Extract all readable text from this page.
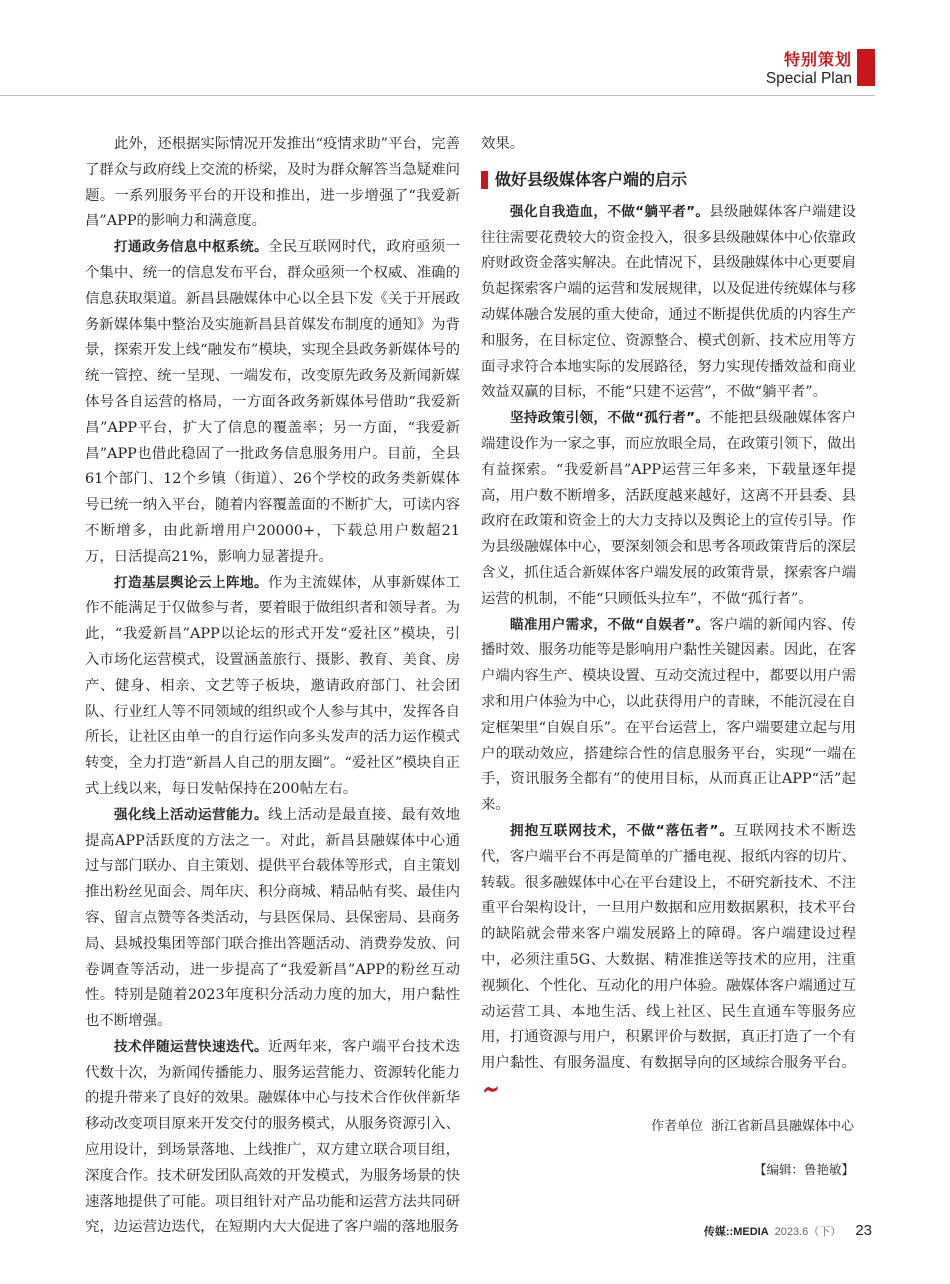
特别策划
Special Plan

此外，还根据实际情况开发推出“疫情求助”平台，完善了群众与政府线上交流的桥梁，及时为群众解答当急疑难问题。一系列服务平台的开设和推出，进一步增强了“我爱新昌”APP的影响力和满意度。

打通政务信息中枢系统。全民互联网时代，政府亟须一个集中、统一的信息发布平台，群众亟须一个权威、准确的信息获取渠道。新昌县融媒体中心以全县下发《关于开展政务新媒体集中整治及实施新昌县首媒发布制度的通知》为背景，探索开发上线“融发布”模块，实现全县政务新媒体号的统一管控、统一呈现、一端发布，改变原先政务及新闻新媒体号各自运营的格局，一方面各政务新媒体号借助“我爱新昌”APP平台，扩大了信息的覆盖率；另一方面，“我爱新昌”APP也借此稳固了一批政务信息服务用户。目前，全县61个部门、12个乡镇（街道）、26个学校的政务类新媒体号已统一纳入平台，随着内容覆盖面的不断扩大，可读内容不断增多，由此新增用户20000+，下载总用户数超21万，日活提高21%，影响力显著提升。

打造基层舆论云上阵地。作为主流媒体，从事新媒体工作不能满足于仅做参与者，要着眼于做组织者和领导者。为此，“我爱新昌”APP以论坛的形式开发“爱社区”模块，引入市场化运营模式，设置涵盖旅行、摄影、教育、美食、房产、健身、相亲、文艺等子板块，邀请政府部门、社会团队、行业红人等不同领域的组织或个人参与其中，发挥各自所长，让社区由单一的自行运作向多头发声的活力运作模式转变，全力打造“新昌人自己的朋友圈”。“爱社区”模块自正式上线以来，每日发帖保持在200帖左右。

强化线上活动运营能力。线上活动是最直接、最有效地提高APP活跃度的方法之一。对此，新昌县融媒体中心通过与部门联办、自主策划、提供平台载体等形式，自主策划推出粉丝见面会、周年庆、积分商城、精品帖有奖、最佳内容、留言点赞等各类活动，与县医保局、县保密局、县商务局、县城投集团等部门联合推出答题活动、消费券发放、问卷调查等活动，进一步提高了“我爱新昌”APP的粉丝互动性。特别是随着2023年度积分活动力度的加大，用户黏性也不断增强。

技术伴随运营快速迭代。近两年来，客户端平台技术迭代数十次，为新闻传播能力、服务运营能力、资源转化能力的提升带来了良好的效果。融媒体中心与技术合作伙伴新华移动改变项目原来开发交付的服务模式，从服务资源引入、应用设计，到场景落地、上线推广，双方建立联合项目组，深度合作。技术研发团队高效的开发模式，为服务场景的快速落地提供了可能。项目组针对产品功能和运营方法共同研究，边运营边迭代，在短期内大大促进了客户端的落地服务

效果。

做好县级媒体客户端的启示

强化自我造血，不做“躺平者”。县级融媒体客户端建设往往需要花费较大的资金投入，很多县级融媒体中心依靠政府财政资金落实解决。在此情况下，县级融媒体中心更要肩负起探索客户端的运营和发展规律，以及促进传统媒体与移动媒体融合发展的重大使命，通过不断提供优质的内容生产和服务，在目标定位、资源整合、模式创新、技术应用等方面寻求符合本地实际的发展路径，努力实现传播效益和商业效益双赢的目标，不能“只建不运营”，不做“躺平者”。

坚持政策引领，不做“孤行者”。不能把县级融媒体客户端建设作为一家之事，而应放眼全局，在政策引领下，做出有益探索。“我爱新昌”APP运营三年多来，下载量逐年提高，用户数不断增多，活跃度越来越好，这离不开县委、县政府在政策和资金上的大力支持以及舆论上的宣传引导。作为县级融媒体中心，要深刻领会和思考各项政策背后的深层含义，抓住适合新媒体客户端发展的政策背景，探索客户端运营的机制，不能“只顾低头拉车”，不做“孤行者”。

瞄准用户需求，不做“自娱者”。客户端的新闻内容、传播时效、服务功能等是影响用户黏性关键因素。因此，在客户端内容生产、模块设置、互动交流过程中，都要以用户需求和用户体验为中心，以此获得用户的青睐，不能沉浸在自定框架里“自娱自乐”。在平台运营上，客户端要建立起与用户的联动效应，搭建综合性的信息服务平台，实现“一端在手，资讯服务全都有”的使用目标，从而真正让APP“活”起来。

拥抱互联网技术，不做“落伍者”。互联网技术不断迭代，客户端平台不再是简单的广播电视、报纸内容的切片、转载。很多融媒体中心在平台建设上，不研究新技术、不注重平台架构设计，一旦用户数据和应用数据累积，技术平台的缺陷就会带来客户端发展路上的障碍。客户端建设过程中，必须注重5G、大数据、精准推送等技术的应用，注重视频化、个性化、互动化的用户体验。融媒体客户端通过互动运营工具、本地生活、线上社区、民生直通车等服务应用，打通资源与用户，积累评价与数据，真正打造了一个有用户黏性、有服务温度、有数据导向的区域综合服务平台。

作者单位 浙江省新昌县融媒体中心
【编辑：鲁艳敏】
传媒::MEDIA 2023.6（下） 23
